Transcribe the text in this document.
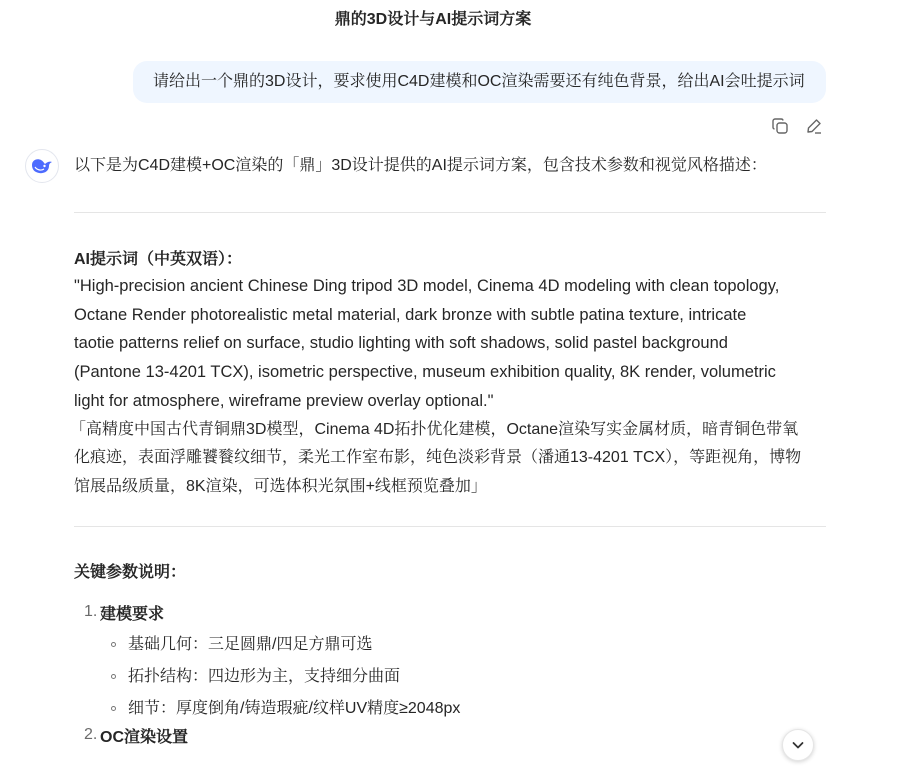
鼎的3D设计与AI提示词方案
请给出一个鼎的3D设计，要求使用C4D建模和OC渲染需要还有纯色背景，给出AI会吐提示词

以下是为C4D建模+OC渲染的「鼎」3D设计提供的AI提示词方案，包含技术参数和视觉风格描述：

AI提示词（中英双语）：
"High-precision ancient Chinese Ding tripod 3D model, Cinema 4D modeling with clean topology,
Octane Render photorealistic metal material, dark bronze with subtle patina texture, intricate
taotie patterns relief on surface, studio lighting with soft shadows, solid pastel background
(Pantone 13-4201 TCX), isometric perspective, museum exhibition quality, 8K render, volumetric
light for atmosphere, wireframe preview overlay optional."
「高精度中国古代青铜鼎3D模型，Cinema 4D拓扑优化建模，Octane渲染写实金属材质，暗青铜色带氧
化痕迹，表面浮雕饕餮纹细节，柔光工作室布影，纯色淡彩背景（潘通13-4201 TCX），等距视角，博物
馆展品级质量，8K渲染，可选体积光氛围+线框预览叠加」
关键参数说明：
1. 建模要求
基础几何：三足圆鼎/四足方鼎可选
拓扑结构：四边形为主，支持细分曲面
细节：厚度倒角/铸造瑕疵/纹样UV精度≥2048px
2. OC渲染设置
